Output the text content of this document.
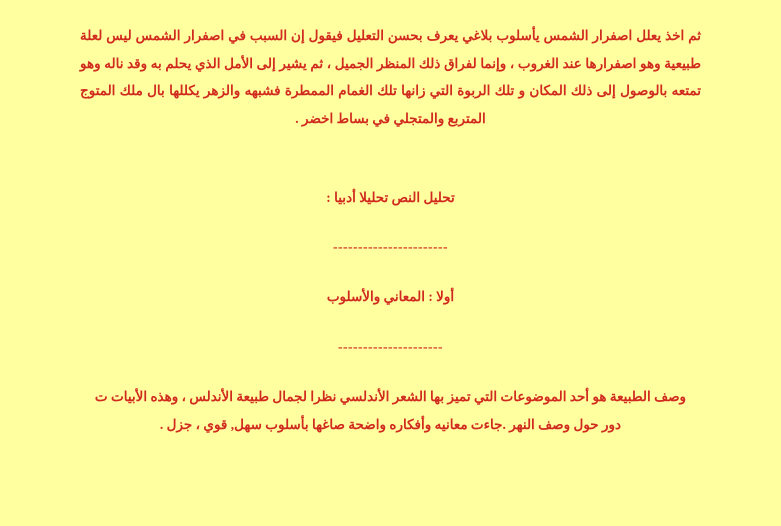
ثم اخذ يعلل اصفرار الشمس يأسلوب بلاغي يعرف بحسن التعليل فيقول إن السبب في اصفرار الشمس ليس لعلة طبيعية وهو اصفرارها عند الغروب ، وإنما لفراق ذلك المنظر الجميل ، ثم يشير إلى الأمل الذي يحلم به وقد ناله وهو تمتعه بالوصول إلى ذلك المكان و تلك الربوة التي زانها تلك الغمام الممطرة فشبهه والزهر يكللها بال ملك المتوج المتربع والمتجلي في بساط اخضر .

تحليل النص تحليلا أدبيا :
-----------------------
أولا : المعاني والأسلوب
---------------------
وصف الطبيعة هو أحد الموضوعات التي تميز بها الشعر الأندلسي نظرا لجمال طبيعة الأندلس ، وهذه الأبيات ت
دور حول وصف النهر .جاءت معانيه وأفكاره واضحة صاغها بأسلوب سهل, قوي ، جزل .
